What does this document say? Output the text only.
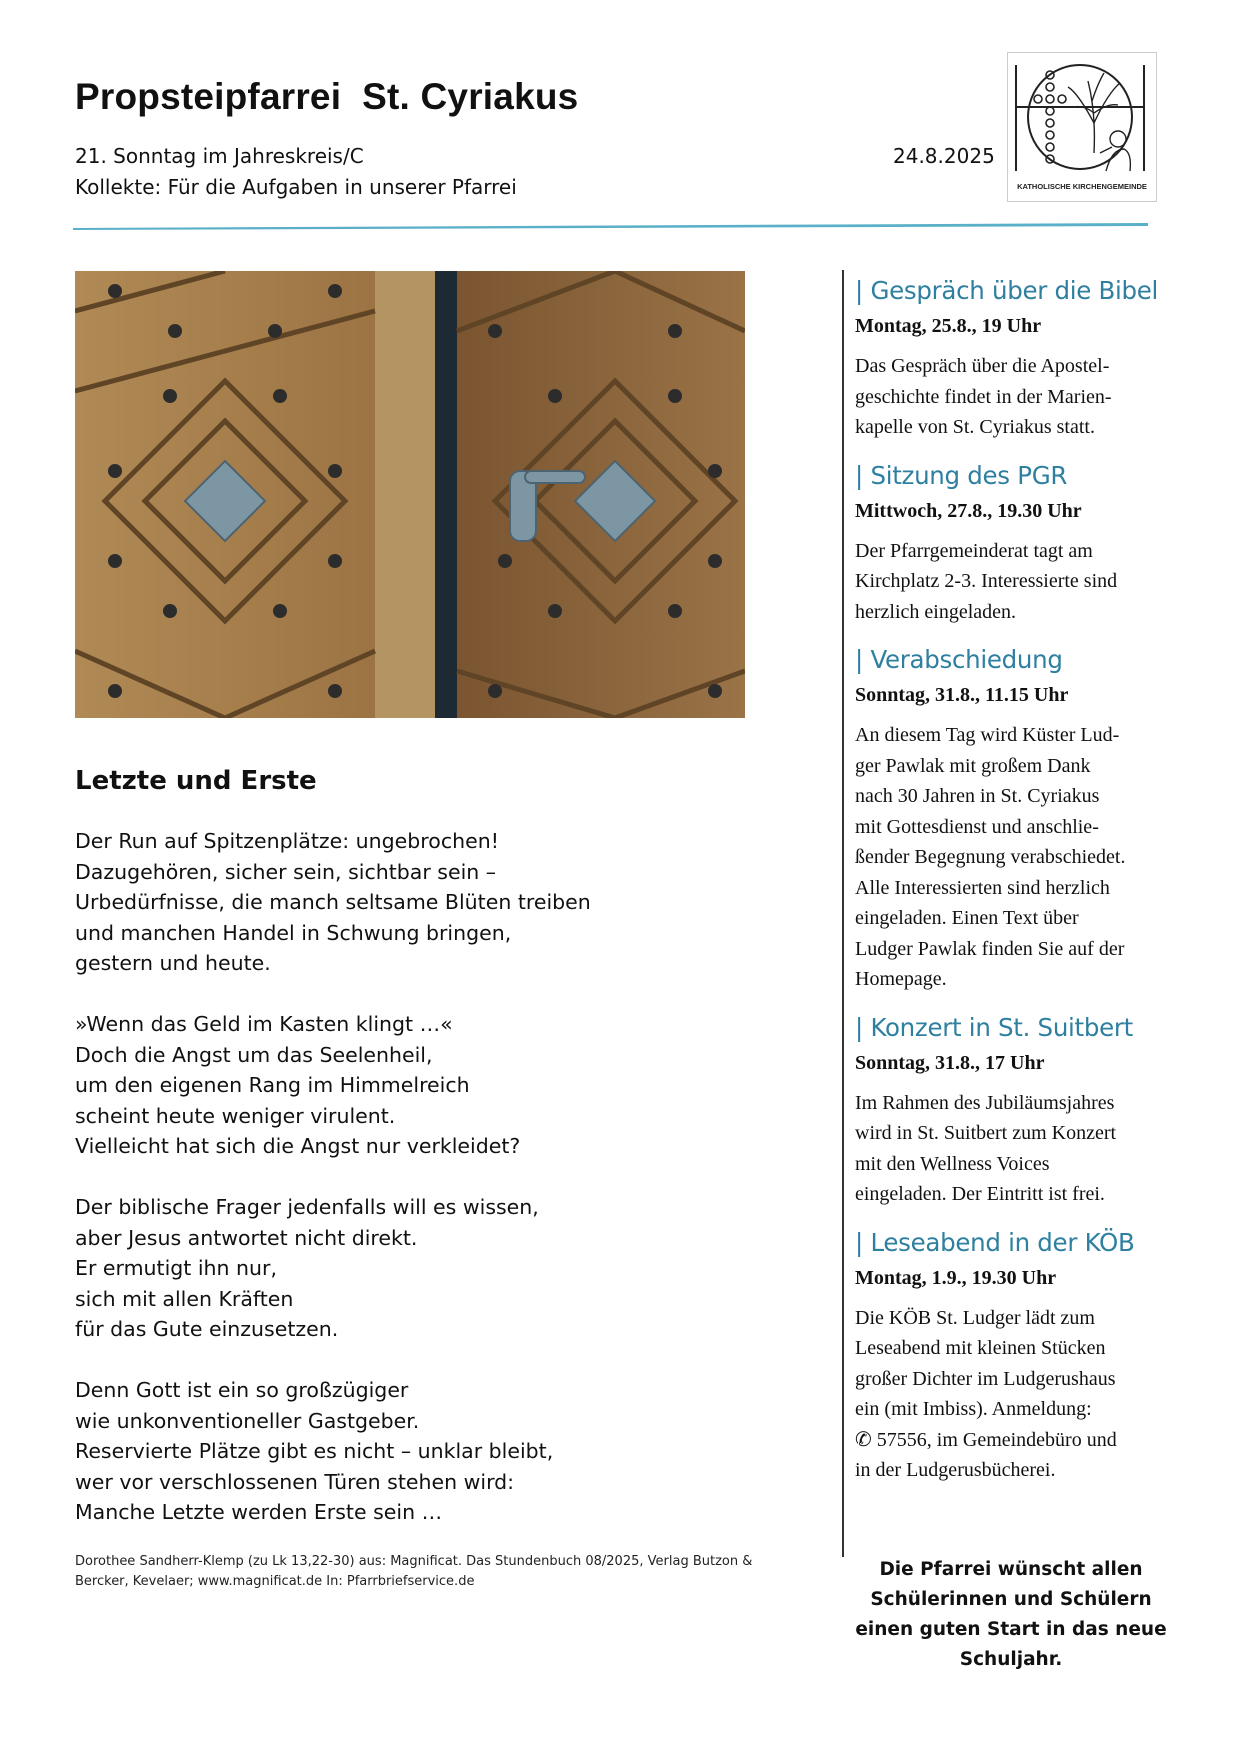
Propsteipfarrei  St. Cyriakus
21. Sonntag im Jahreskreis/C	24.8.2025
Kollekte: Für die Aufgaben in unserer Pfarrei	KATHOLISCHE KIRCHENGEMEINDE
Letzte und Erste

Der Run auf Spitzenplätze: ungebrochen!
Dazugehören, sicher sein, sichtbar sein –
Urbedürfnisse, die manch seltsame Blüten treiben
und manchen Handel in Schwung bringen,
gestern und heute.

»Wenn das Geld im Kasten klingt …«
Doch die Angst um das Seelenheil,
um den eigenen Rang im Himmelreich
scheint heute weniger virulent.
Vielleicht hat sich die Angst nur verkleidet?

Der biblische Frager jedenfalls will es wissen,
aber Jesus antwortet nicht direkt.
Er ermutigt ihn nur,
sich mit allen Kräften
für das Gute einzusetzen.

Denn Gott ist ein so großzügiger
wie unkonventioneller Gastgeber.
Reservierte Plätze gibt es nicht – unklar bleibt,
wer vor verschlossenen Türen stehen wird:
Manche Letzte werden Erste sein …

Dorothee Sandherr-Klemp (zu Lk 13,22-30) aus: Magnificat. Das Stundenbuch 08/2025, Verlag Butzon &
Bercker, Kevelaer; www.magnificat.de In: Pfarrbriefservice.de
| Gespräch über die Bibel
Montag, 25.8., 19 Uhr
Das Gespräch über die Apostel-
geschichte findet in der Marien-
kapelle von St. Cyriakus statt.
| Sitzung des PGR
Mittwoch, 27.8., 19.30 Uhr
Der Pfarrgemeinderat tagt am
Kirchplatz 2-3. Interessierte sind
herzlich eingeladen.
| Verabschiedung
Sonntag, 31.8., 11.15 Uhr
An diesem Tag wird Küster Lud-
ger Pawlak mit großem Dank
nach 30 Jahren in St. Cyriakus
mit Gottesdienst und anschlie-
ßender Begegnung verabschiedet.
Alle Interessierten sind herzlich
eingeladen. Einen Text über
Ludger Pawlak finden Sie auf der
Homepage.
| Konzert in St. Suitbert
Sonntag, 31.8., 17 Uhr
Im Rahmen des Jubiläumsjahres
wird in St. Suitbert zum Konzert
mit den Wellness Voices
eingeladen. Der Eintritt ist frei.
| Leseabend in der KÖB
Montag, 1.9., 19.30 Uhr
Die KÖB St. Ludger lädt zum
Leseabend mit kleinen Stücken
großer Dichter im Ludgerushaus
ein (mit Imbiss). Anmeldung:
✆ 57556, im Gemeindebüro und
in der Ludgerusbücherei.
Die Pfarrei wünscht allen
Schülerinnen und Schülern
einen guten Start in das neue
Schuljahr.
